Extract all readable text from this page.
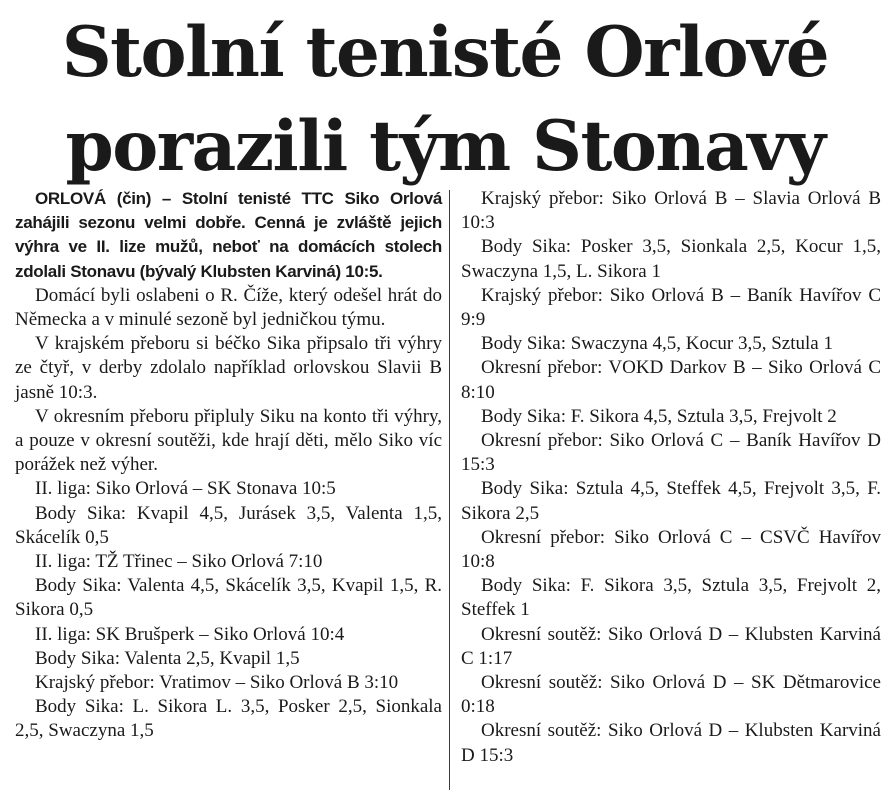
Stolní tenisté Orlové
porazili tým Stonavy

ORLOVÁ (čin) – Stolní tenisté TTC Siko Orlová zahájili sezonu velmi dobře. Cenná je zvláště jejich výhra ve II. lize mužů, neboť na domácích stolech zdolali Stonavu (bývalý Klubsten Karviná) 10:5.

Domácí byli oslabeni o R. Číže, který odešel hrát do Německa a v minulé sezoně byl jedničkou týmu.

V krajském přeboru si béčko Sika připsalo tři výhry ze čtyř, v derby zdolalo například orlovskou Slavii B jasně 10:3.

V okresním přeboru připluly Siku na konto tři výhry, a pouze v okresní soutěži, kde hrají děti, mělo Siko víc porážek než výher.

II. liga: Siko Orlová – SK Stonava 10:5

Body Sika: Kvapil 4,5, Jurásek 3,5, Valenta 1,5, Skácelík 0,5

II. liga: TŽ Třinec – Siko Orlová 7:10

Body Sika: Valenta 4,5, Skácelík 3,5, Kvapil 1,5, R. Sikora 0,5

II. liga: SK Brušperk – Siko Orlová 10:4

Body Sika: Valenta 2,5, Kvapil 1,5

Krajský přebor: Vratimov – Siko Orlová B 3:10

Body Sika: L. Sikora L. 3,5, Posker 2,5, Sionkala 2,5, Swaczyna 1,5

Krajský přebor: Siko Orlová B – Slavia Orlová B 10:3

Body Sika: Posker 3,5, Sionkala 2,5, Kocur 1,5, Swaczyna 1,5, L. Sikora 1

Krajský přebor: Siko Orlová B – Baník Havířov C 9:9

Body Sika: Swaczyna 4,5, Kocur 3,5, Sztula 1

Okresní přebor: VOKD Darkov B – Siko Orlová C 8:10

Body Sika: F. Sikora 4,5, Sztula 3,5, Frejvolt 2

Okresní přebor: Siko Orlová C – Baník Havířov D 15:3

Body Sika: Sztula 4,5, Steffek 4,5, Frejvolt 3,5, F. Sikora 2,5

Okresní přebor: Siko Orlová C – CSVČ Havířov 10:8

Body Sika: F. Sikora 3,5, Sztula 3,5, Frejvolt 2, Steffek 1

Okresní soutěž: Siko Orlová D – Klubsten Karviná C 1:17

Okresní soutěž: Siko Orlová D – SK Dětmarovice 0:18

Okresní soutěž: Siko Orlová D – Klubsten Karviná D 15:3
